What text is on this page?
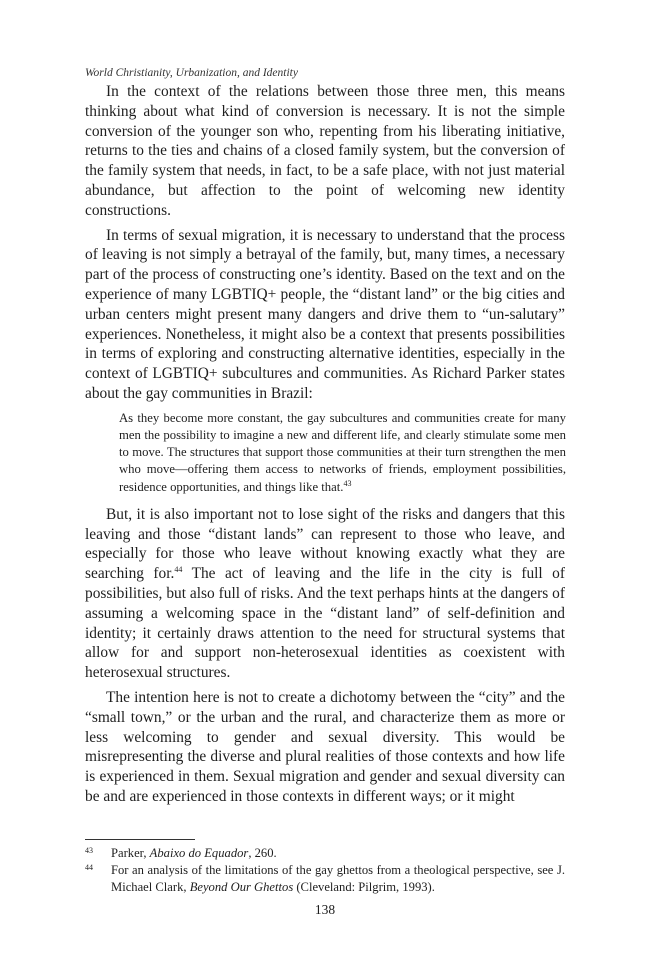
World Christianity, Urbanization, and Identity

In the context of the relations between those three men, this means thinking about what kind of conversion is necessary. It is not the simple conversion of the younger son who, repenting from his liberating initiative, returns to the ties and chains of a closed family system, but the conversion of the family system that needs, in fact, to be a safe place, with not just material abundance, but affection to the point of welcoming new identity constructions.

In terms of sexual migration, it is necessary to understand that the process of leaving is not simply a betrayal of the family, but, many times, a necessary part of the process of constructing one’s identity. Based on the text and on the experience of many LGBTIQ+ people, the “distant land” or the big cities and urban centers might present many dangers and drive them to “un-salutary” experiences. Nonetheless, it might also be a context that presents possibilities in terms of exploring and constructing alternative identities, especially in the context of LGBTIQ+ subcultures and communities. As Richard Parker states about the gay communities in Brazil:

As they become more constant, the gay subcultures and communities create for many men the possibility to imagine a new and different life, and clearly stimulate some men to move. The structures that support those communities at their turn strengthen the men who move—offering them access to networks of friends, employment possibilities, residence opportunities, and things like that.$^{43}$

But, it is also important not to lose sight of the risks and dangers that this leaving and those “distant lands” can represent to those who leave, and especially for those who leave without knowing exactly what they are searching for.$^{44}$ The act of leaving and the life in the city is full of possibilities, but also full of risks. And the text perhaps hints at the dangers of assuming a welcoming space in the “distant land” of self-definition and identity; it certainly draws attention to the need for structural systems that allow for and support non-heterosexual identities as coexistent with heterosexual structures.

The intention here is not to create a dichotomy between the “city” and the “small town,” or the urban and the rural, and characterize them as more or less welcoming to gender and sexual diversity. This would be misrepresenting the diverse and plural realities of those contexts and how life is experienced in them. Sexual migration and gender and sexual diversity can be and are experienced in those contexts in different ways; or it might

43 Parker, Abaixo do Equador, 260.

44 For an analysis of the limitations of the gay ghettos from a theological perspective, see J. Michael Clark, Beyond Our Ghettos (Cleveland: Pilgrim, 1993).

138
